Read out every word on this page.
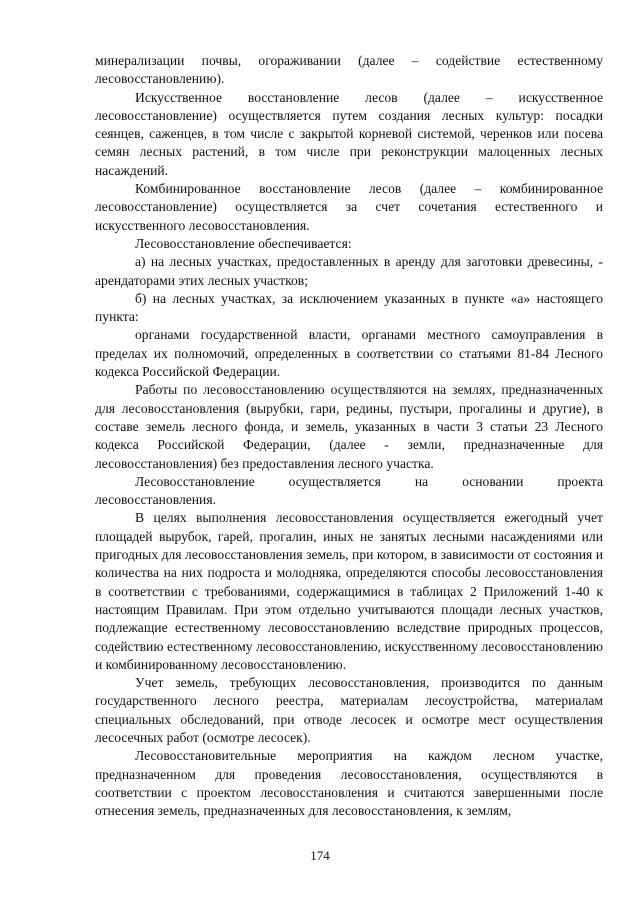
минерализации почвы, огораживании (далее – содействие естественному лесовосстановлению).

Искусственное восстановление лесов (далее – искусственное лесовосстановление) осуществляется путем создания лесных культур: посадки сеянцев, саженцев, в том числе с закрытой корневой системой, черенков или посева семян лесных растений, в том числе при реконструкции малоценных лесных насаждений.

Комбинированное восстановление лесов (далее – комбинированное лесовосстановление) осуществляется за счет сочетания естественного и искусственного лесовосстановления.

Лесовосстановление обеспечивается:

а) на лесных участках, предоставленных в аренду для заготовки древесины, - арендаторами этих лесных участков;

б) на лесных участках, за исключением указанных в пункте «а» настоящего пункта:

органами государственной власти, органами местного самоуправления в пределах их полномочий, определенных в соответствии со статьями 81-84 Лесного кодекса Российской Федерации.

Работы по лесовосстановлению осуществляются на землях, предназначенных для лесовосстановления (вырубки, гари, редины, пустыри, прогалины и другие), в составе земель лесного фонда, и земель, указанных в части 3 статьи 23 Лесного кодекса Российской Федерации, (далее - земли, предназначенные для лесовосстановления) без предоставления лесного участка.

Лесовосстановление осуществляется на основании проекта лесовосстановления.

В целях выполнения лесовосстановления осуществляется ежегодный учет площадей вырубок, гарей, прогалин, иных не занятых лесными насаждениями или пригодных для лесовосстановления земель, при котором, в зависимости от состояния и количества на них подроста и молодняка, определяются способы лесовосстановления в соответствии с требованиями, содержащимися в таблицах 2 Приложений 1-40 к настоящим Правилам. При этом отдельно учитываются площади лесных участков, подлежащие естественному лесовосстановлению вследствие природных процессов, содействию естественному лесовосстановлению, искусственному лесовосстановлению и комбинированному лесовосстановлению.

Учет земель, требующих лесовосстановления, производится по данным государственного лесного реестра, материалам лесоустройства, материалам специальных обследований, при отводе лесосек и осмотре мест осуществления лесосечных работ (осмотре лесосек).

Лесовосстановительные мероприятия на каждом лесном участке, предназначенном для проведения лесовосстановления, осуществляются в соответствии с проектом лесовосстановления и считаются завершенными после отнесения земель, предназначенных для лесовосстановления, к землям,

174
